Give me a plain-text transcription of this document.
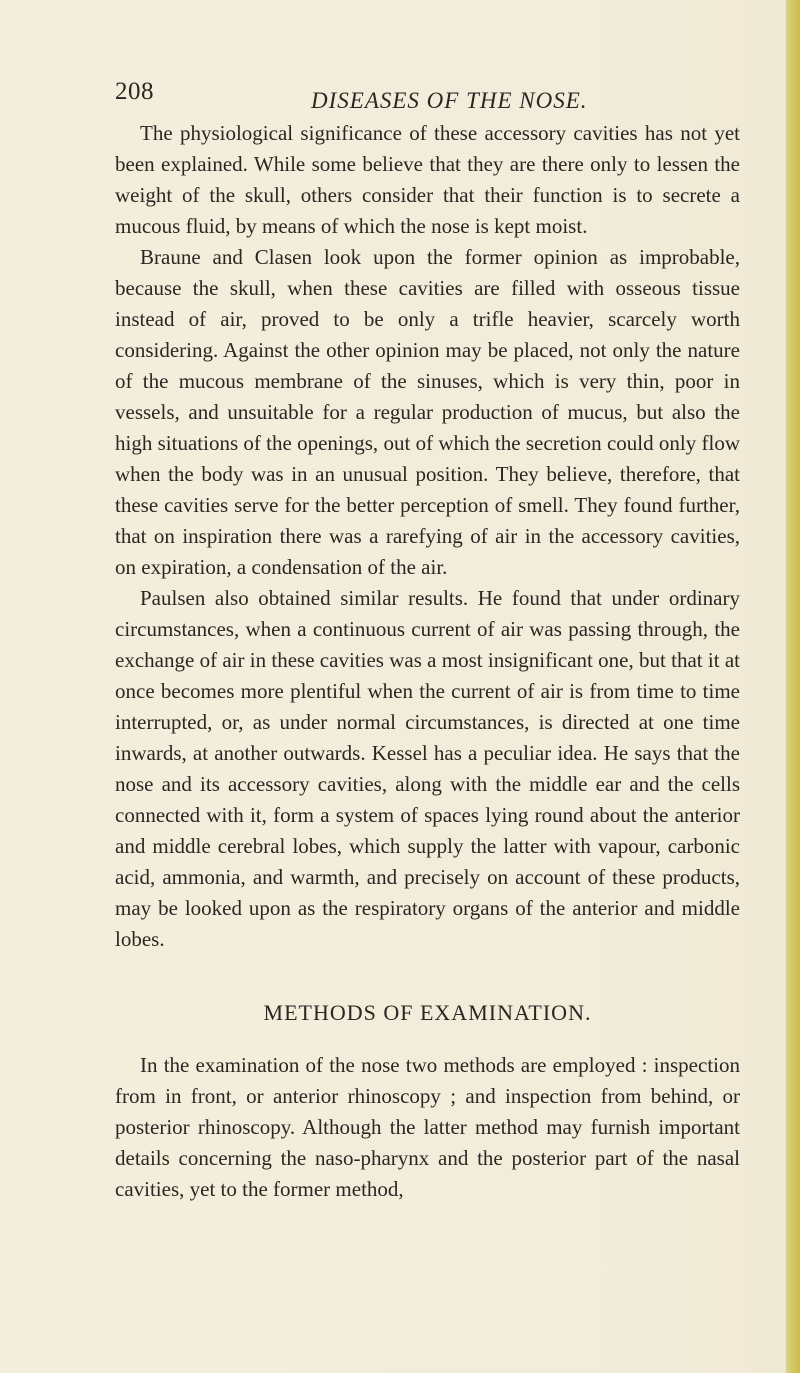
208	DISEASES OF THE NOSE.

The physiological significance of these accessory cavities has not yet been explained. While some believe that they are there only to lessen the weight of the skull, others consider that their function is to secrete a mucous fluid, by means of which the nose is kept moist.

Braune and Clasen look upon the former opinion as improbable, because the skull, when these cavities are filled with osseous tissue instead of air, proved to be only a trifle heavier, scarcely worth considering. Against the other opinion may be placed, not only the nature of the mucous membrane of the sinuses, which is very thin, poor in vessels, and unsuitable for a regular production of mucus, but also the high situations of the openings, out of which the secretion could only flow when the body was in an unusual position. They believe, therefore, that these cavities serve for the better perception of smell. They found further, that on inspiration there was a rarefying of air in the accessory cavities, on expiration, a condensation of the air.

Paulsen also obtained similar results. He found that under ordinary circumstances, when a continuous current of air was passing through, the exchange of air in these cavities was a most insignificant one, but that it at once becomes more plentiful when the current of air is from time to time interrupted, or, as under normal circumstances, is directed at one time inwards, at another outwards. Kessel has a peculiar idea. He says that the nose and its accessory cavities, along with the middle ear and the cells connected with it, form a system of spaces lying round about the anterior and middle cerebral lobes, which supply the latter with vapour, carbonic acid, ammonia, and warmth, and precisely on account of these products, may be looked upon as the respiratory organs of the anterior and middle lobes.

METHODS OF EXAMINATION.

In the examination of the nose two methods are employed : inspection from in front, or anterior rhinoscopy ; and inspection from behind, or posterior rhinoscopy. Although the latter method may furnish important details concerning the naso-pharynx and the posterior part of the nasal cavities, yet to the former method,
